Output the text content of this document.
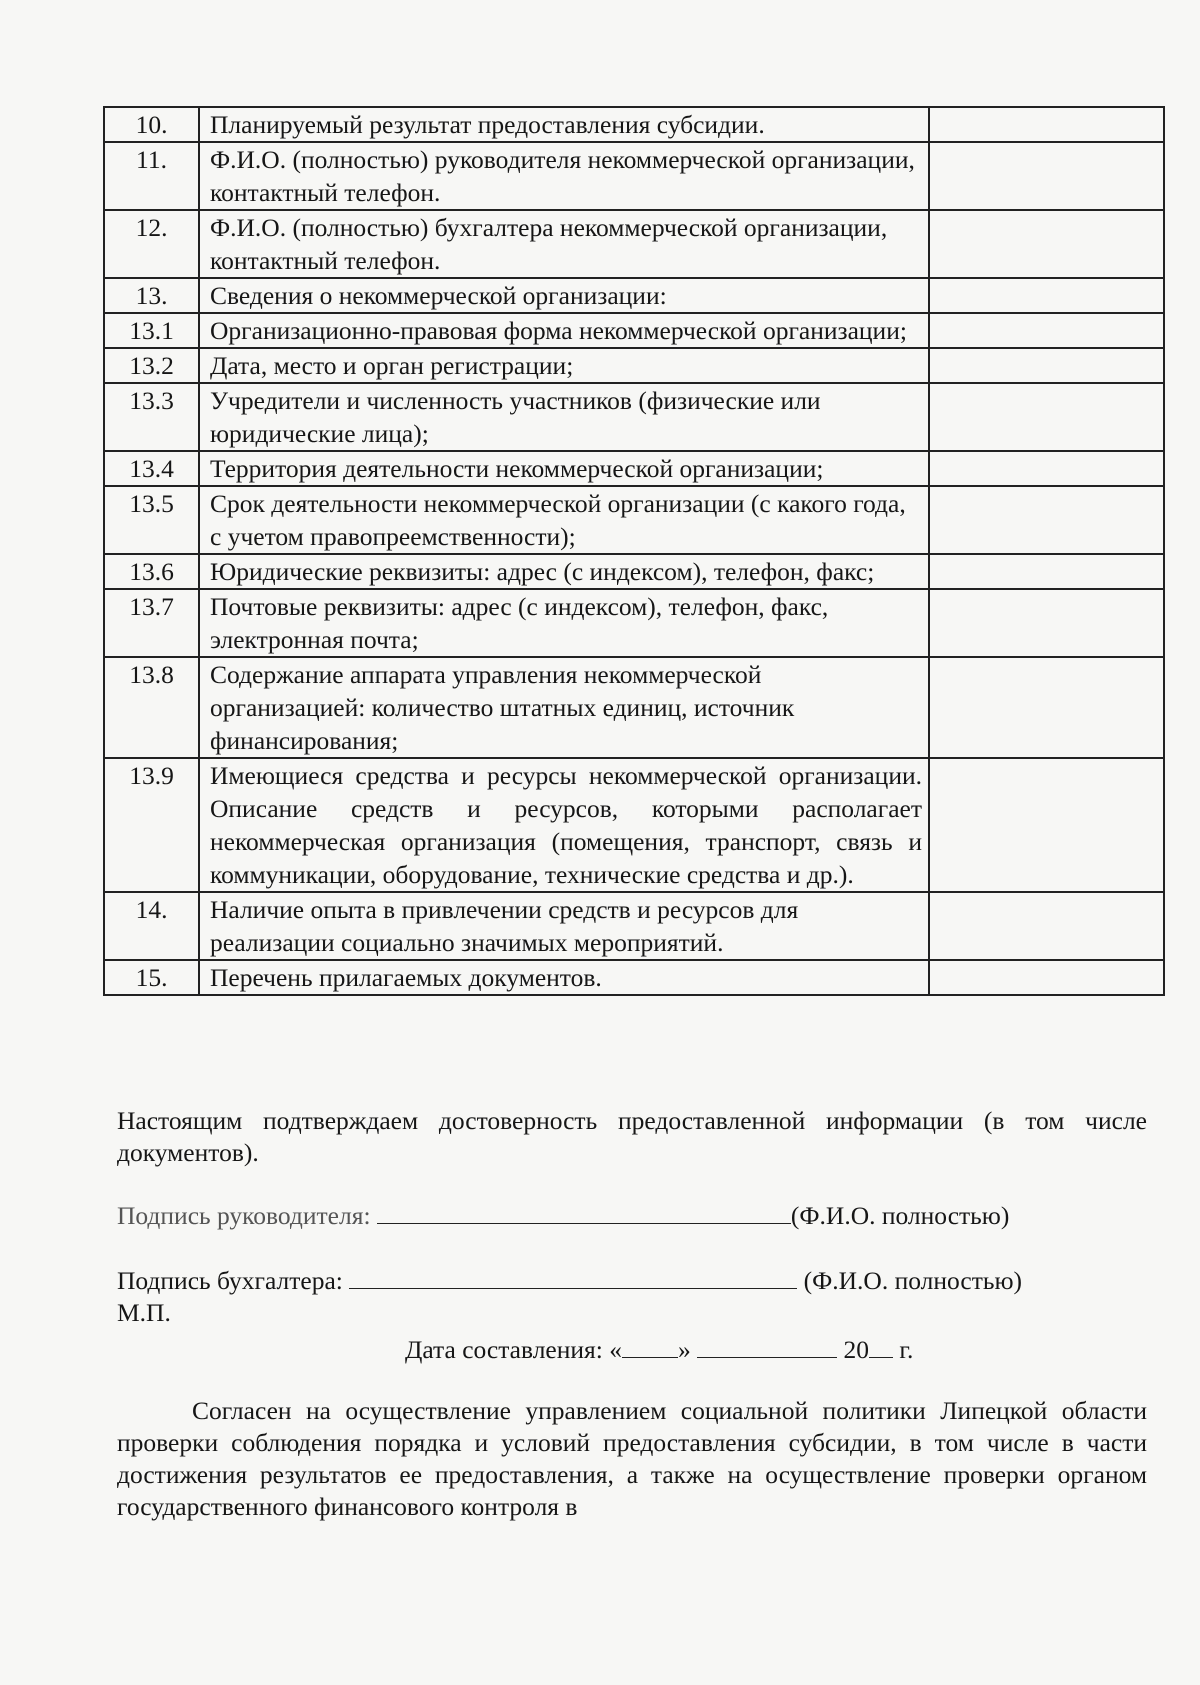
10.	Планируемый результат предоставления субсидии.	
11.	Ф.И.О. (полностью) руководителя некоммерческой организации, контактный телефон.	
12.	Ф.И.О. (полностью) бухгалтера некоммерческой организации, контактный телефон.	
13.	Сведения о некоммерческой организации:	
13.1	Организационно-правовая форма некоммерческой организации;	
13.2	Дата, место и орган регистрации;	
13.3	Учредители и численность участников (физические или юридические лица);	
13.4	Территория деятельности некоммерческой организации;	
13.5	Срок деятельности некоммерческой организации (с какого года, с учетом правопреемственности);	
13.6	Юридические реквизиты: адрес (с индексом), телефон, факс;	
13.7	Почтовые реквизиты: адрес (с индексом), телефон, факс, электронная почта;	
13.8	Содержание аппарата управления некоммерческой организацией: количество штатных единиц, источник финансирования;	
13.9	Имеющиеся средства и ресурсы некоммерческой организации. Описание средств и ресурсов, которыми располагает некоммерческая организация (помещения, транспорт, связь и коммуникации, оборудование, технические средства и др.).	
14.	Наличие опыта в привлечении средств и ресурсов для реализации социально значимых мероприятий.	
15.	Перечень прилагаемых документов.	

Настоящим подтверждаем достоверность предоставленной информации (в том числе документов).

Подпись руководителя:	(Ф.И.О. полностью)
Подпись бухгалтера:	(Ф.И.О. полностью)
М.П.
Дата составления: « »	20 г.

Согласен на осуществление управлением социальной политики Липецкой области проверки соблюдения порядка и условий предоставления субсидии, в том числе в части достижения результатов ее предоставления, а также на осуществление проверки органом государственного финансового контроля в
